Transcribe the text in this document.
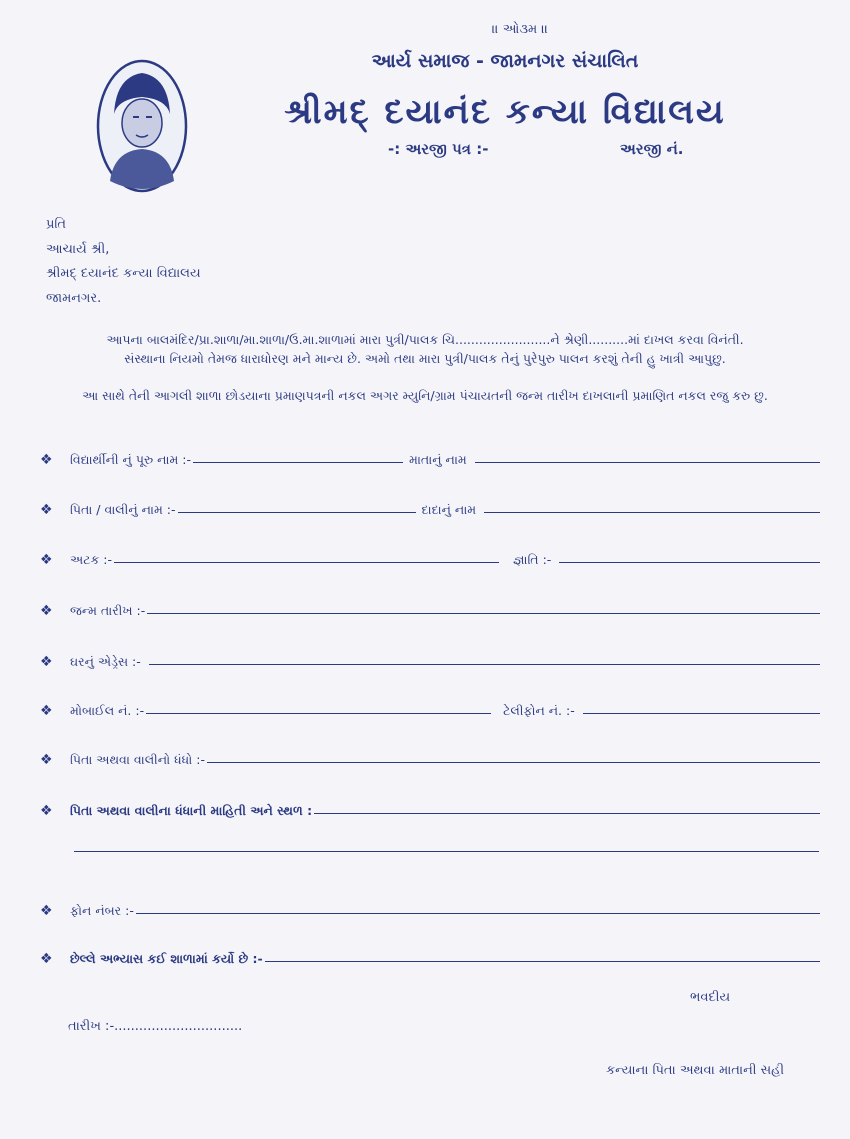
॥ ઓ૩મ ॥
આર્ય સમાજ - જામનગર સંચાલિત
શ્રીમદ્‌ દયાનંદ કન્યા વિદ્યાલય
-: અરજી પત્ર :-	અરજી નં.
પ્રતિ
આચાર્ય શ્રી,
શ્રીમદ્‌ દયાનંદ કન્યા વિદ્યાલય
જામનગર.
આપના બાલમંદિર/પ્રા.શાળા/મા.શાળા/ઉ.મા.શાળામાં મારા પુત્રી/પાલક ચિ........................ને શ્રેણી..........માં દાખલ કરવા વિનંતી.
સંસ્થાના નિયમો તેમજ ધારાધોરણ મને માન્ય છે. અમો તથા મારા પુત્રી/પાલક તેનું પુરેપુરુ પાલન કરશું તેની હુ ખાત્રી આપુછુ.
આ સાથે તેની આગલી શાળા છોડયાના પ્રમાણપત્રની નકલ અગર મ્યુનિ/ગ્રામ પંચાયતની જન્મ તારીખ દાખલાની પ્રમાણિત નકલ રજુ કરુ છુ.
❖	વિદ્યાર્થીની નું પૂરુ નામ :-	માતાનું નામ
❖	પિતા / વાલીનું નામ :-	દાદાનું નામ
❖	અટક :-	જ્ઞાતિ :-
❖	જન્મ તારીખ :-
❖	ઘરનું એડ્રેસ :-
❖	મોબાઈલ નં. :-	ટેલીફોન નં. :-
❖	પિતા અથવા વાલીનો ધંધો :-
❖	પિતા અથવા વાલીના ધંધાની માહિતી અને સ્થળ :
❖	ફોન નંબર :-
❖	છેલ્લે અભ્યાસ કઈ શાળામાં કર્યો છે :-
ભવદીય
તારીખ :-...............................
કન્યાના પિતા અથવા માતાની સહી
